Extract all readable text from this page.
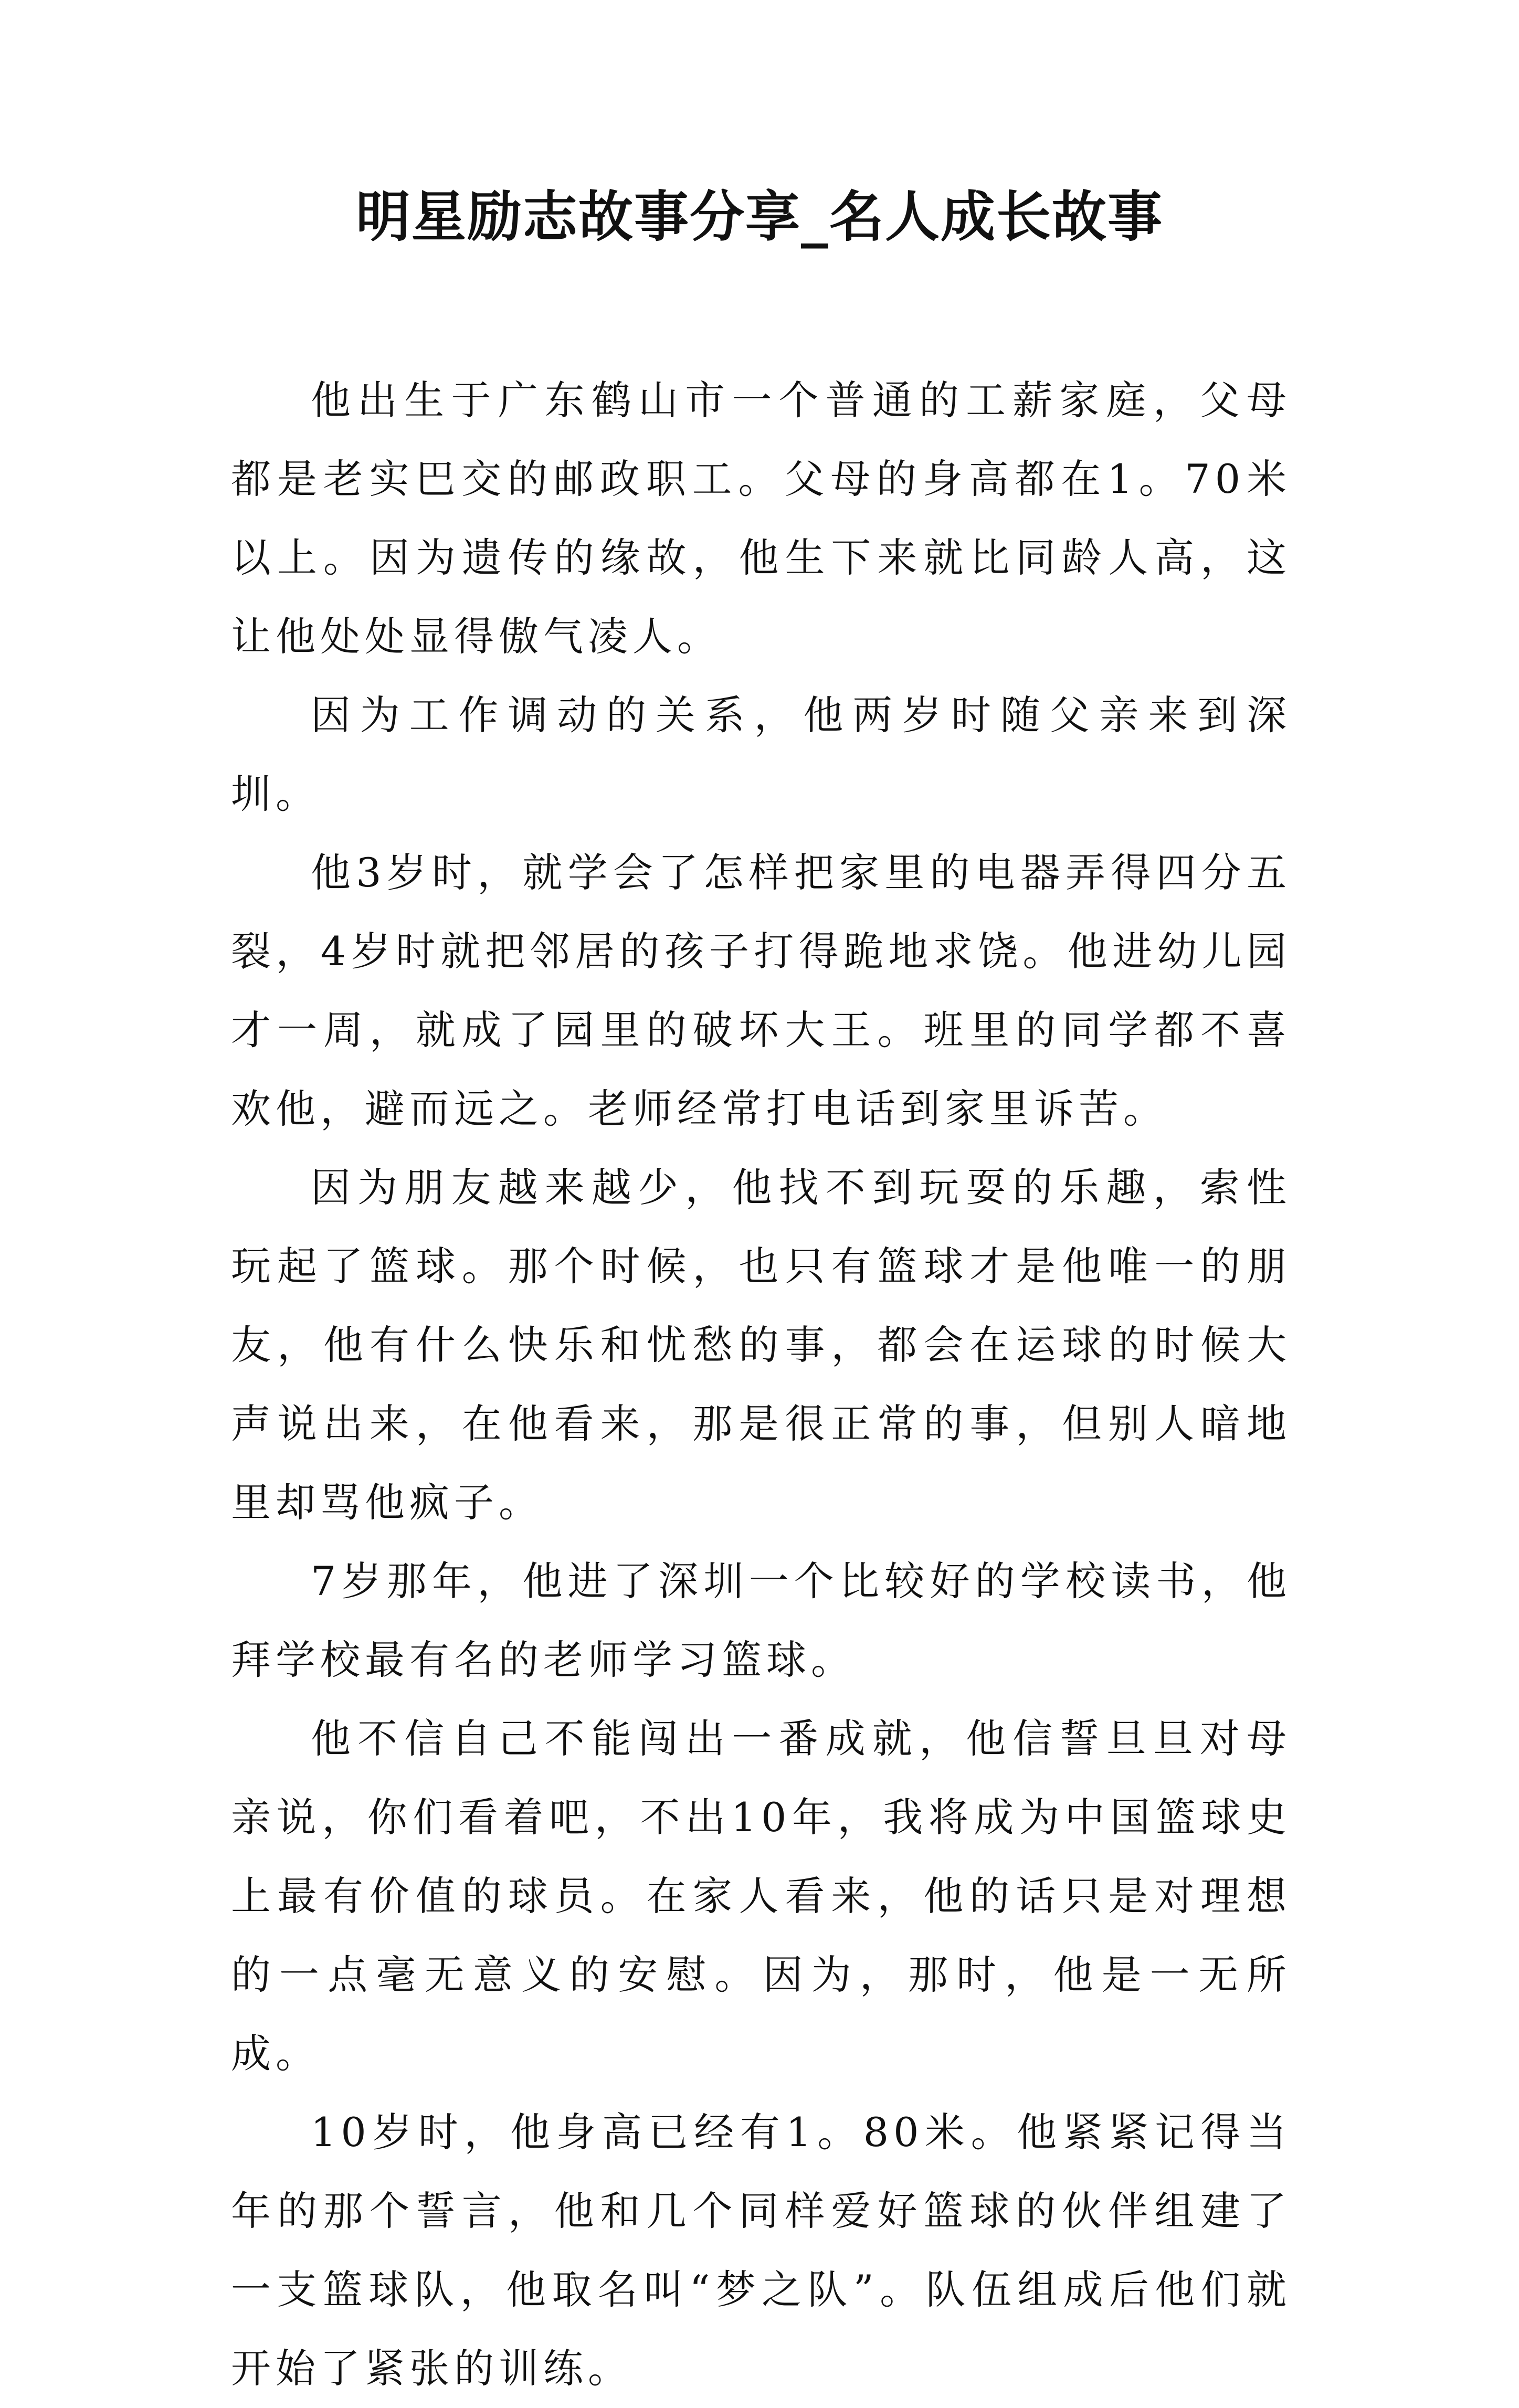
明星励志故事分享_名人成长故事

他出生于广东鹤山市一个普通的工薪家庭，父母都是老实巴交的邮政职工。父母的身高都在1。70米以上。因为遗传的缘故，他生下来就比同龄人高，这让他处处显得傲气凌人。

因为工作调动的关系，他两岁时随父亲来到深圳。

他3岁时，就学会了怎样把家里的电器弄得四分五裂，4岁时就把邻居的孩子打得跪地求饶。他进幼儿园才一周，就成了园里的破坏大王。班里的同学都不喜欢他，避而远之。老师经常打电话到家里诉苦。

因为朋友越来越少，他找不到玩耍的乐趣，索性玩起了篮球。那个时候，也只有篮球才是他唯一的朋友，他有什么快乐和忧愁的事，都会在运球的时候大声说出来，在他看来，那是很正常的事，但别人暗地里却骂他疯子。

7岁那年，他进了深圳一个比较好的学校读书，他拜学校最有名的老师学习篮球。

他不信自己不能闯出一番成就，他信誓旦旦对母亲说，你们看着吧，不出10年，我将成为中国篮球史上最有价值的球员。在家人看来，他的话只是对理想的一点毫无意义的安慰。因为，那时，他是一无所成。

10岁时，他身高已经有1。80米。他紧紧记得当年的那个誓言，他和几个同样爱好篮球的伙伴组建了一支篮球队，他取名叫“梦之队”。队伍组成后他们就开始了紧张的训练。
